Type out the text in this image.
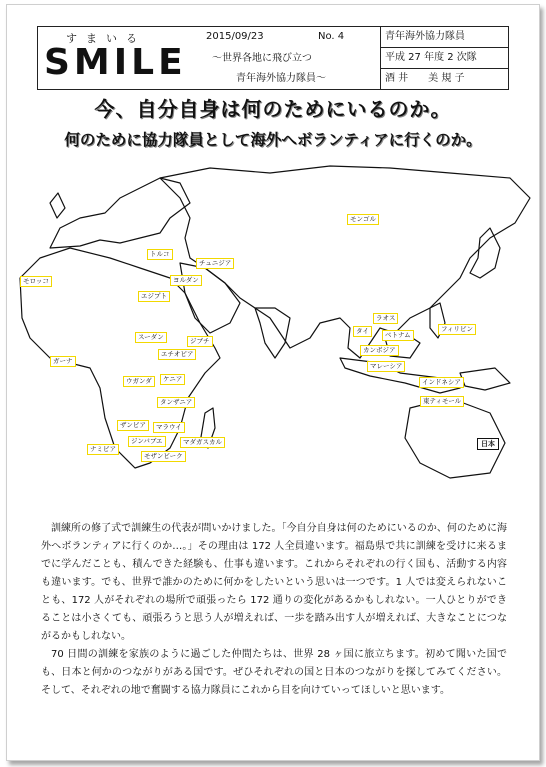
すまいる
SMILE
2015/09/23	No. 4
～世界各地に飛び立つ
青年海外協力隊員～
青年海外協力隊員
平成 27 年度 2 次隊
酒 井　　美 規 子
今、自分自身は何のためにいるのか。
何のために協力隊員として海外へボランティアに行くのか。
モンゴル
チュニジア
トルコ
モロッコ	ヨルダン
エジプト
ラオス
タイ	ベトナム
フィリピン
スーダン	ジブチ
カンボジア
エチオピア
ガーナ
マレーシア
ウガンダ	ケニア	インドネシア
東ティモール
タンザニア
ザンビア	マラウイ
ジンバブエ	マダガスカル
ナミビア
モザンビーク
日本

訓練所の修了式で訓練生の代表が問いかけました。「今自分自身は何のためにいるのか、何のために海外へボランティアに行くのか…。」その理由は 172 人全員違います。福島県で共に訓練を受けに来るまでに学んだことも、積んできた経験も、仕事も違います。これからそれぞれの行く国も、活動する内容も違います。でも、世界で誰かのために何かをしたいという思いは一つです。1 人では変えられないことも、172 人がそれぞれの場所で頑張ったら 172 通りの変化があるかもしれない。一人ひとりができることは小さくても、頑張ろうと思う人が増えれば、一歩を踏み出す人が増えれば、大きなことにつながるかもしれない。

70 日間の訓練を家族のように過ごした仲間たちは、世界 28 ヶ国に旅立ちます。初めて聞いた国でも、日本と何かのつながりがある国です。ぜひそれぞれの国と日本のつながりを探してみてください。そして、それぞれの地で奮闘する協力隊員にこれから目を向けていってほしいと思います。
